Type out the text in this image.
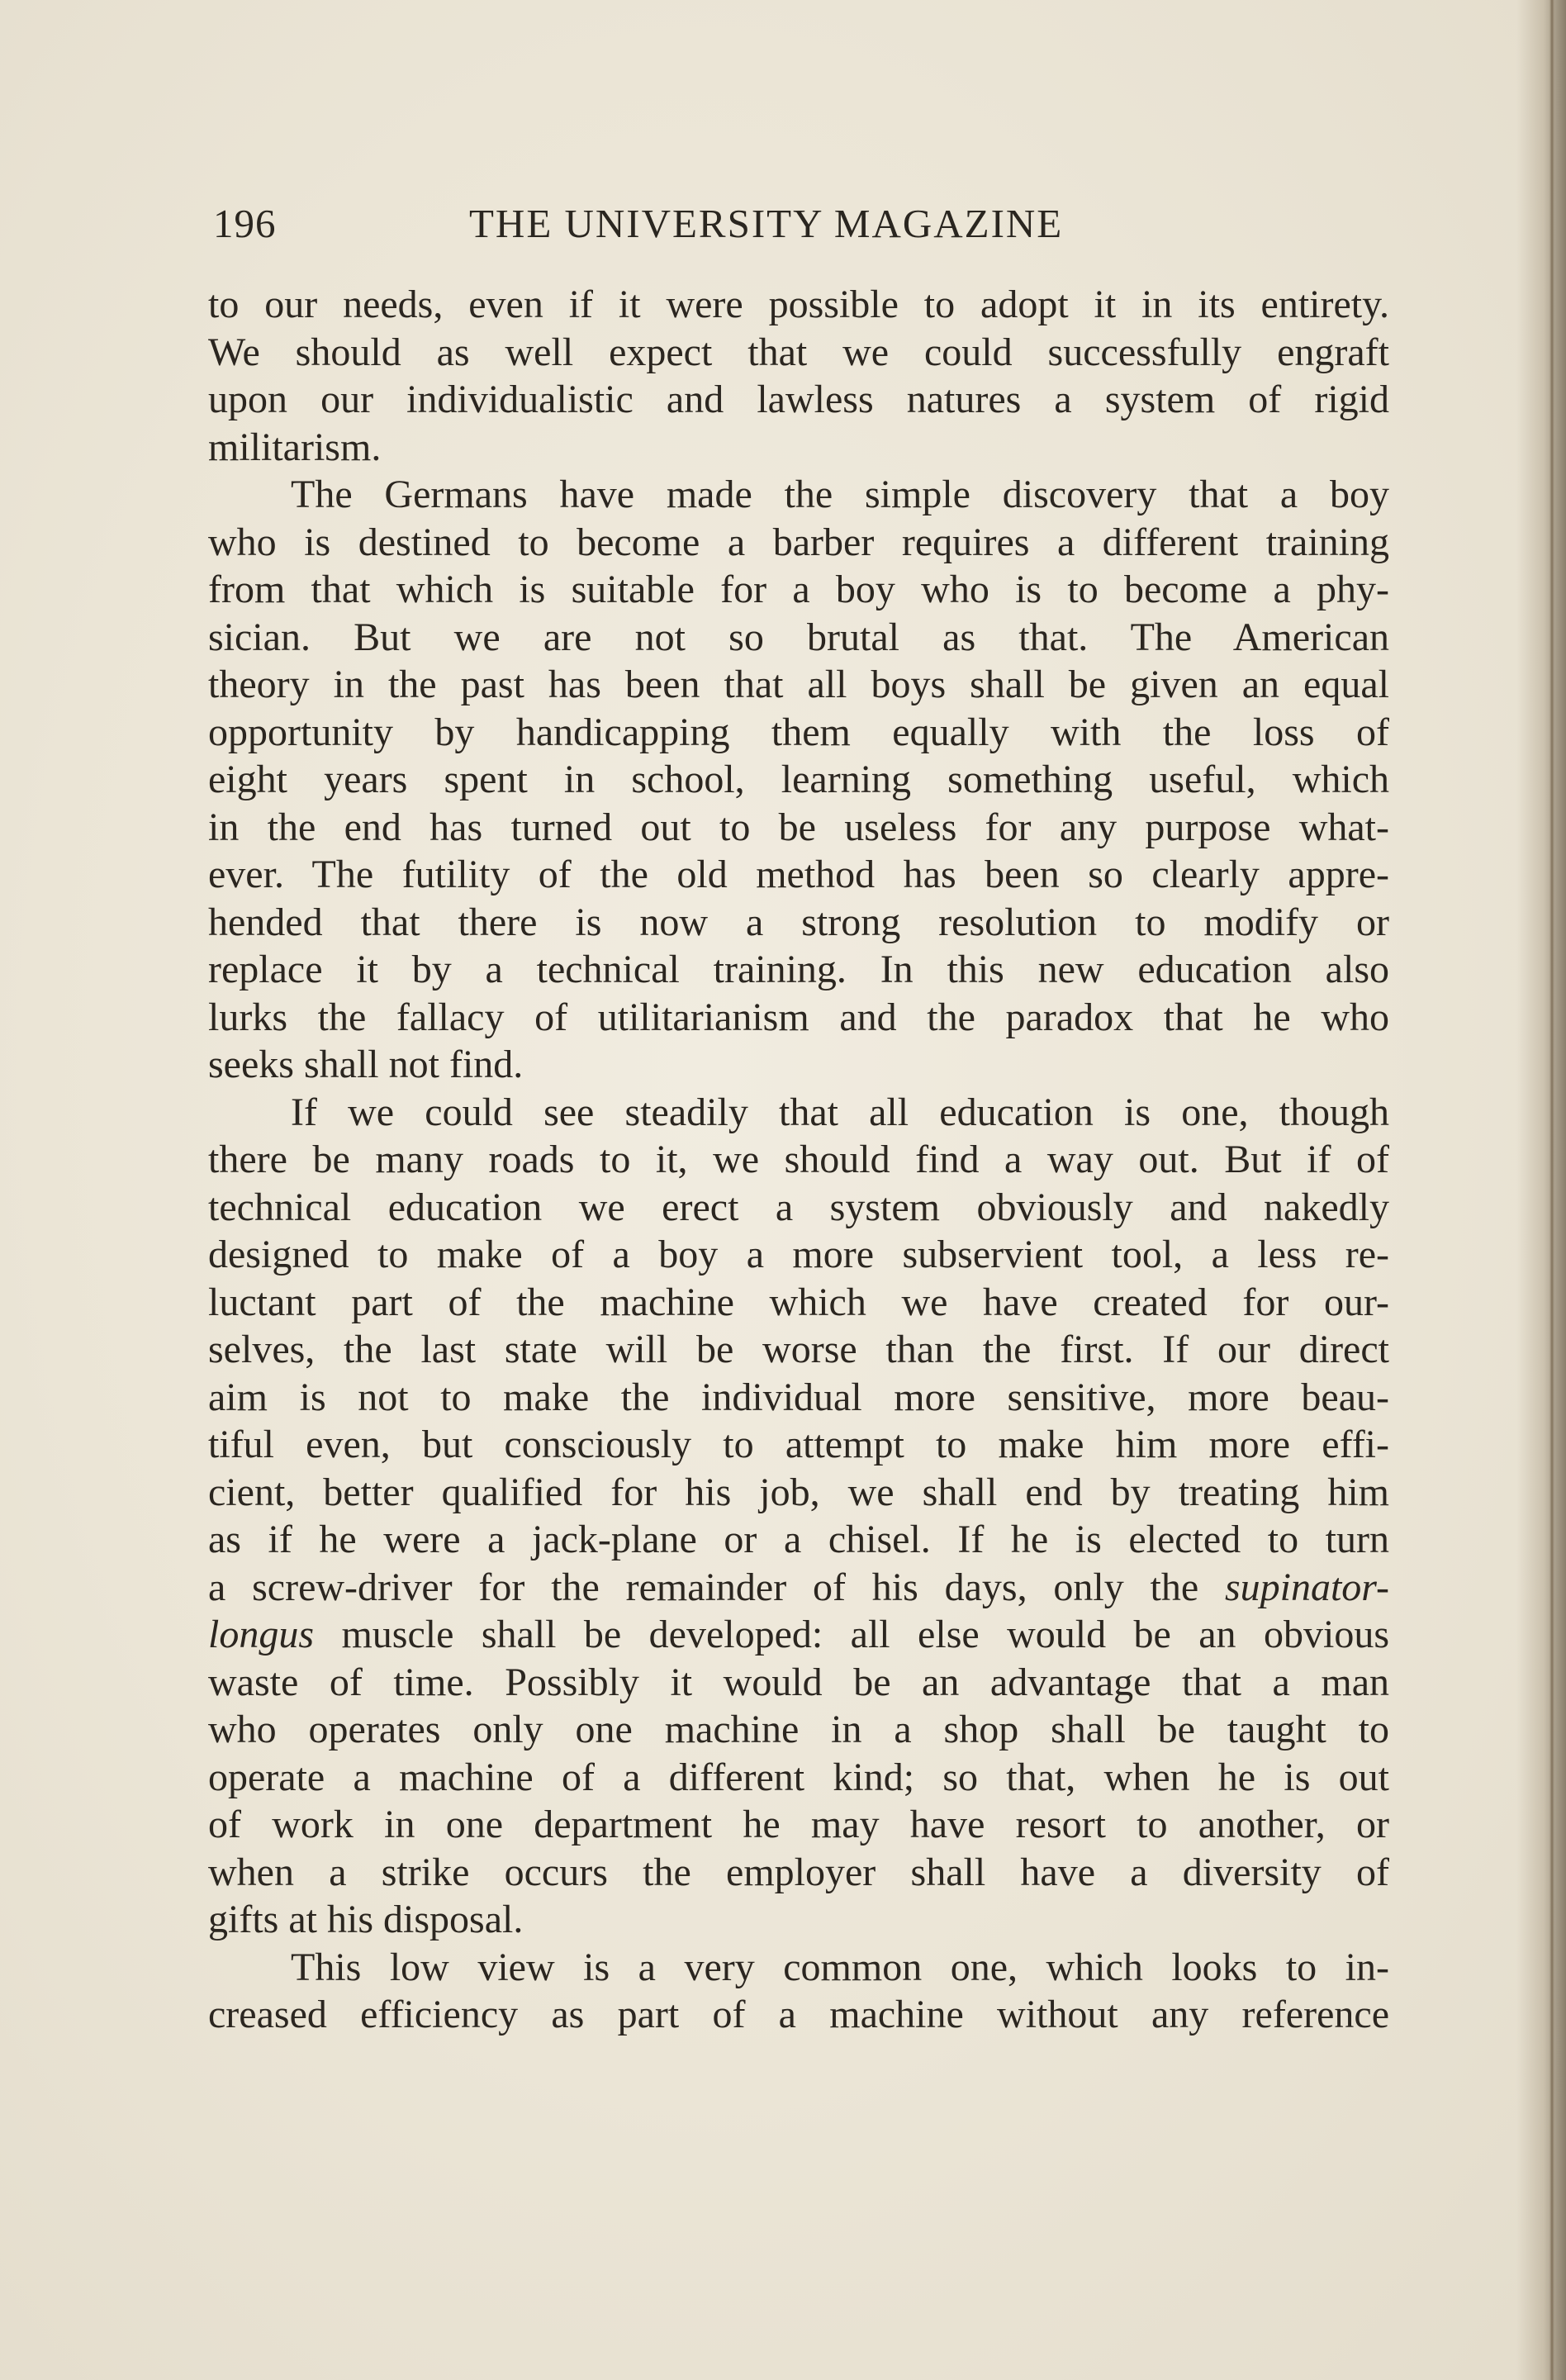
196	THE UNIVERSITY MAGAZINE
to our needs, even if it were possible to adopt it in its entirety.
We should as well expect that we could successfully engraft
upon our individualistic and lawless natures a system of rigid
militarism.
The Germans have made the simple discovery that a boy
who is destined to become a barber requires a different training
from that which is suitable for a boy who is to become a phy-
sician. But we are not so brutal as that. The American
theory in the past has been that all boys shall be given an equal
opportunity by handicapping them equally with the loss of
eight years spent in school, learning something useful, which
in the end has turned out to be useless for any purpose what-
ever. The futility of the old method has been so clearly appre-
hended that there is now a strong resolution to modify or
replace it by a technical training. In this new education also
lurks the fallacy of utilitarianism and the paradox that he who
seeks shall not find.
If we could see steadily that all education is one, though
there be many roads to it, we should find a way out. But if of
technical education we erect a system obviously and nakedly
designed to make of a boy a more subservient tool, a less re-
luctant part of the machine which we have created for our-
selves, the last state will be worse than the first. If our direct
aim is not to make the individual more sensitive, more beau-
tiful even, but consciously to attempt to make him more effi-
cient, better qualified for his job, we shall end by treating him
as if he were a jack-plane or a chisel. If he is elected to turn
a screw-driver for the remainder of his days, only the supinator-
longus muscle shall be developed: all else would be an obvious
waste of time. Possibly it would be an advantage that a man
who operates only one machine in a shop shall be taught to
operate a machine of a different kind; so that, when he is out
of work in one department he may have resort to another, or
when a strike occurs the employer shall have a diversity of
gifts at his disposal.
This low view is a very common one, which looks to in-
creased efficiency as part of a machine without any reference
